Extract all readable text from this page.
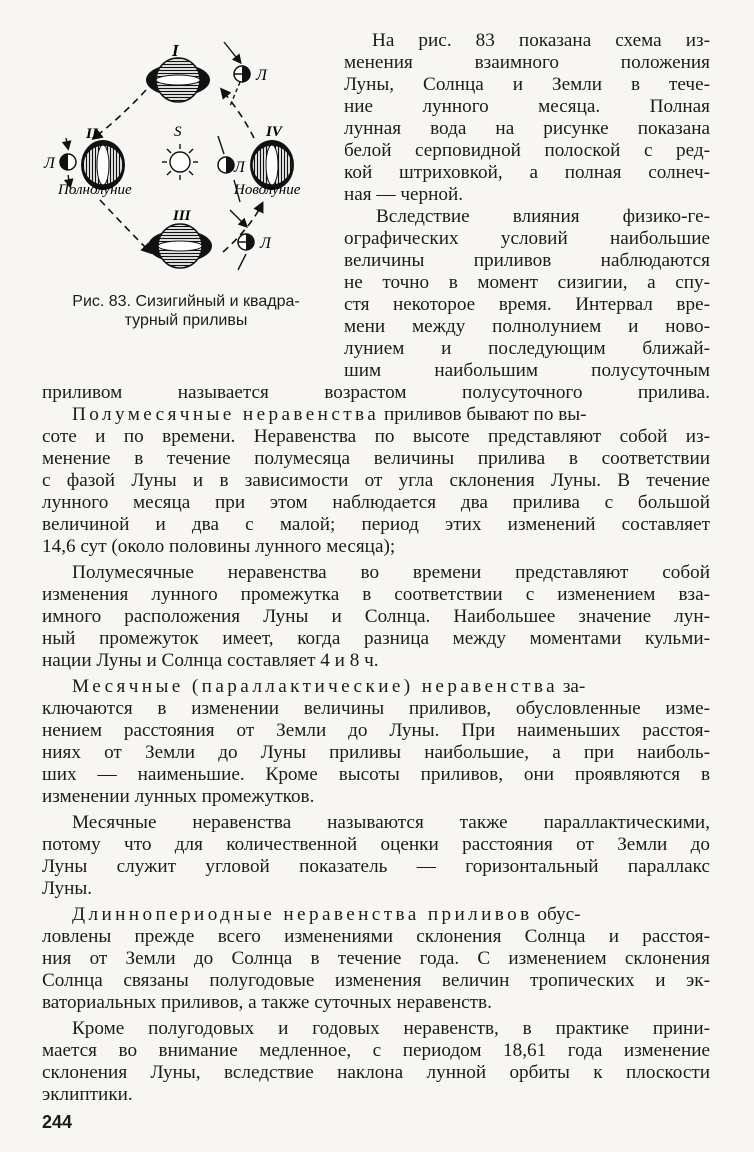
I
Л
II
Л
Полнолуние
S
Л
IV
Новолуние
III
Л
Рис. 83. Сизигийный и квадра-
турный приливы
На рис. 83 показана схема из-
менения взаимного положения
Луны, Солнца и Земли в тече-
ние лунного месяца. Полная
лунная вода на рисунке показана
белой серповидной полоской с ред-
кой штриховкой, а полная солнеч-
ная — черной.
Вследствие влияния физико-ге-
ографических условий наибольшие
величины приливов наблюдаются
не точно в момент сизигии, а спу-
стя некоторое время. Интервал вре-
мени между полнолунием и ново-
лунием и последующим ближай-
шим наибольшим полусуточным
приливом называется возрастом полусуточного прилива.
Полумесячные неравенства приливов бывают по вы-
соте и по времени. Неравенства по высоте представляют собой из-
менение в течение полумесяца величины прилива в соответствии
с фазой Луны и в зависимости от угла склонения Луны. В течение
лунного месяца при этом наблюдается два прилива с большой
величиной и два с малой; период этих изменений составляет
14,6 сут (около половины лунного месяца);
Полумесячные неравенства во времени представляют собой
изменения лунного промежутка в соответствии с изменением вза-
имного расположения Луны и Солнца. Наибольшее значение лун-
ный промежуток имеет, когда разница между моментами кульми-
нации Луны и Солнца составляет 4 и 8 ч.
Месячные (параллактические) неравенства за-
ключаются в изменении величины приливов, обусловленные изме-
нением расстояния от Земли до Луны. При наименьших расстоя-
ниях от Земли до Луны приливы наибольшие, а при наиболь-
ших — наименьшие. Кроме высоты приливов, они проявляются в
изменении лунных промежутков.
Месячные неравенства называются также параллактическими,
потому что для количественной оценки расстояния от Земли до
Луны служит угловой показатель — горизонтальный параллакс
Луны.
Длиннопериодные неравенства приливов обус-
ловлены прежде всего изменениями склонения Солнца и расстоя-
ния от Земли до Солнца в течение года. С изменением склонения
Солнца связаны полугодовые изменения величин тропических и эк-
ваториальных приливов, а также суточных неравенств.
Кроме полугодовых и годовых неравенств, в практике прини-
мается во внимание медленное, с периодом 18,61 года изменение
склонения Луны, вследствие наклона лунной орбиты к плоскости
эклиптики.
244
